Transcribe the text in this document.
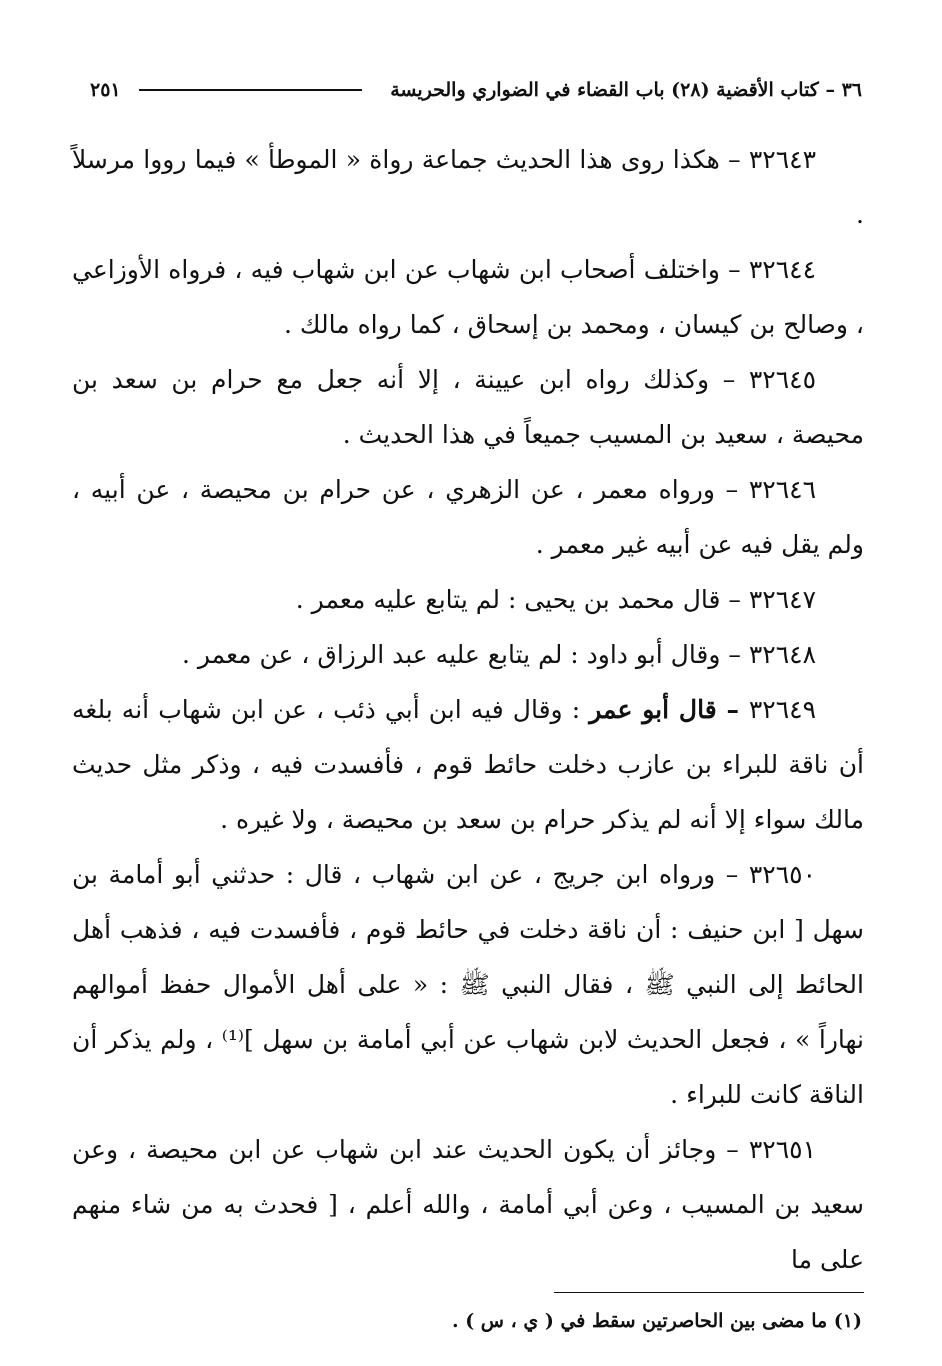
٣٦ – كتاب الأقضية (٢٨) باب القضاء في الضواري والحريسة
٢٥١

٣٢٦٤٣ – هكذا روى هذا الحديث جماعة رواة « الموطأ » فيما رووا مرسلاً .

٣٢٦٤٤ – واختلف أصحاب ابن شهاب عن ابن شهاب فيه ، فرواه الأوزاعي ، وصالح بن كيسان ، ومحمد بن إسحاق ، كما رواه مالك .

٣٢٦٤٥ – وكذلك رواه ابن عيينة ، إلا أنه جعل مع حرام بن سعد بن محيصة ، سعيد بن المسيب جميعاً في هذا الحديث .

٣٢٦٤٦ – ورواه معمر ، عن الزهري ، عن حرام بن محيصة ، عن أبيه ، ولم يقل فيه عن أبيه غير معمر .

٣٢٦٤٧ – قال محمد بن يحيى : لم يتابع عليه معمر .

٣٢٦٤٨ – وقال أبو داود : لم يتابع عليه عبد الرزاق ، عن معمر .

٣٢٦٤٩ – قال أبو عمر : وقال فيه ابن أبي ذئب ، عن ابن شهاب أنه بلغه أن ناقة للبراء بن عازب دخلت حائط قوم ، فأفسدت فيه ، وذكر مثل حديث مالك سواء إلا أنه لم يذكر حرام بن سعد بن محيصة ، ولا غيره .

٣٢٦٥٠ – ورواه ابن جريج ، عن ابن شهاب ، قال : حدثني أبو أمامة بن سهل [ ابن حنيف : أن ناقة دخلت في حائط قوم ، فأفسدت فيه ، فذهب أهل الحائط إلى النبي ﷺ ، فقال النبي ﷺ : « على أهل الأموال حفظ أموالهم نهاراً » ، فجعل الحديث لابن شهاب عن أبي أمامة بن سهل ]⁽¹⁾ ، ولم يذكر أن الناقة كانت للبراء .

٣٢٦٥١ – وجائز أن يكون الحديث عند ابن شهاب عن ابن محيصة ، وعن سعيد بن المسيب ، وعن أبي أمامة ، والله أعلم ، [ فحدث به من شاء منهم على ما

(١) ما مضى بين الحاصرتين سقط في ( ي ، س ) .
